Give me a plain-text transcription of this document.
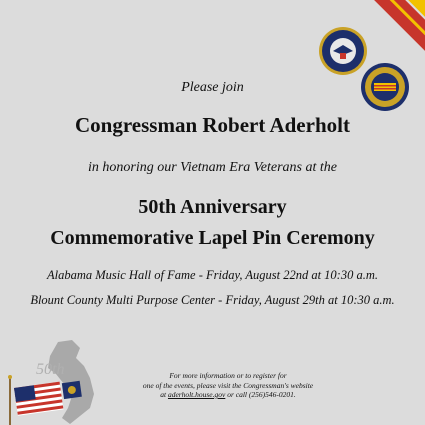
Please join

Congressman Robert Aderholt

in honoring our Vietnam Era Veterans at the

50th Anniversary

Commemorative Lapel Pin Ceremony

Alabama Music Hall of Fame - Friday, August 22nd at 10:30 a.m.

Blount County Multi Purpose Center - Friday, August 29th at 10:30 a.m.

For more information or to register for
one of the events, please visit the Congressman's website
at aderholt.house.gov or call (256)546-0201.
50th
